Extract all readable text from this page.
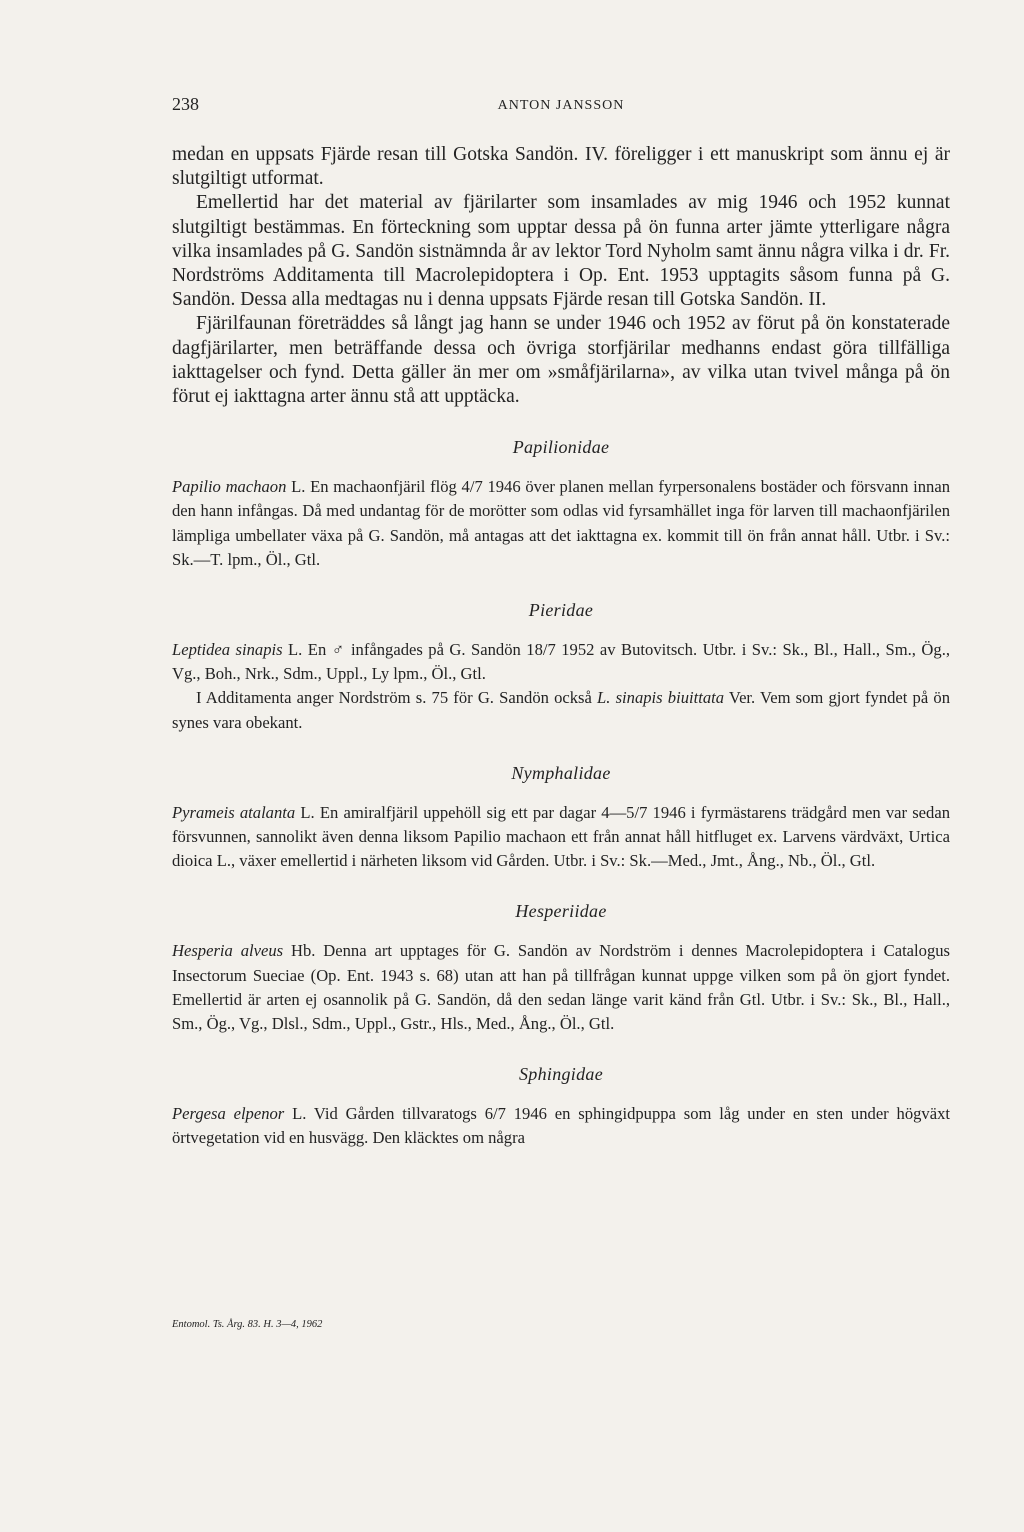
238	ANTON JANSSON

medan en uppsats Fjärde resan till Gotska Sandön. IV. föreligger i ett manuskript som ännu ej är slutgiltigt utformat.

Emellertid har det material av fjärilarter som insamlades av mig 1946 och 1952 kunnat slutgiltigt bestämmas. En förteckning som upptar dessa på ön funna arter jämte ytterligare några vilka insamlades på G. Sandön sistnämnda år av lektor Tord Nyholm samt ännu några vilka i dr. Fr. Nordströms Additamenta till Macrolepidoptera i Op. Ent. 1953 upptagits såsom funna på G. Sandön. Dessa alla medtagas nu i denna uppsats Fjärde resan till Gotska Sandön. II.

Fjärilfaunan företräddes så långt jag hann se under 1946 och 1952 av förut på ön konstaterade dagfjärilarter, men beträffande dessa och övriga storfjärilar medhanns endast göra tillfälliga iakttagelser och fynd. Detta gäller än mer om »småfjärilarna», av vilka utan tvivel många på ön förut ej iakttagna arter ännu stå att upptäcka.

Papilionidae

Papilio machaon L. En machaonfjäril flög 4/7 1946 över planen mellan fyrpersonalens bostäder och försvann innan den hann infångas. Då med undantag för de morötter som odlas vid fyrsamhället inga för larven till machaonfjärilen lämpliga umbellater växa på G. Sandön, må antagas att det iakttagna ex. kommit till ön från annat håll. Utbr. i Sv.: Sk.—T. lpm., Öl., Gtl.

Pieridae

Leptidea sinapis L. En ♂ infångades på G. Sandön 18/7 1952 av Butovitsch. Utbr. i Sv.: Sk., Bl., Hall., Sm., Ög., Vg., Boh., Nrk., Sdm., Uppl., Ly lpm., Öl., Gtl.

I Additamenta anger Nordström s. 75 för G. Sandön också L. sinapis biuittata Ver. Vem som gjort fyndet på ön synes vara obekant.

Nymphalidae

Pyrameis atalanta L. En amiralfjäril uppehöll sig ett par dagar 4—5/7 1946 i fyrmästarens trädgård men var sedan försvunnen, sannolikt även denna liksom Papilio machaon ett från annat håll hitfluget ex. Larvens värdväxt, Urtica dioica L., växer emellertid i närheten liksom vid Gården. Utbr. i Sv.: Sk.—Med., Jmt., Ång., Nb., Öl., Gtl.

Hesperiidae

Hesperia alveus Hb. Denna art upptages för G. Sandön av Nordström i dennes Macrolepidoptera i Catalogus Insectorum Sueciae (Op. Ent. 1943 s. 68) utan att han på tillfrågan kunnat uppge vilken som på ön gjort fyndet. Emellertid är arten ej osannolik på G. Sandön, då den sedan länge varit känd från Gtl. Utbr. i Sv.: Sk., Bl., Hall., Sm., Ög., Vg., Dlsl., Sdm., Uppl., Gstr., Hls., Med., Ång., Öl., Gtl.

Sphingidae

Pergesa elpenor L. Vid Gården tillvaratogs 6/7 1946 en sphingidpuppa som låg under en sten under högväxt örtvegetation vid en husvägg. Den kläcktes om några

Entomol. Ts. Årg. 83. H. 3—4, 1962
